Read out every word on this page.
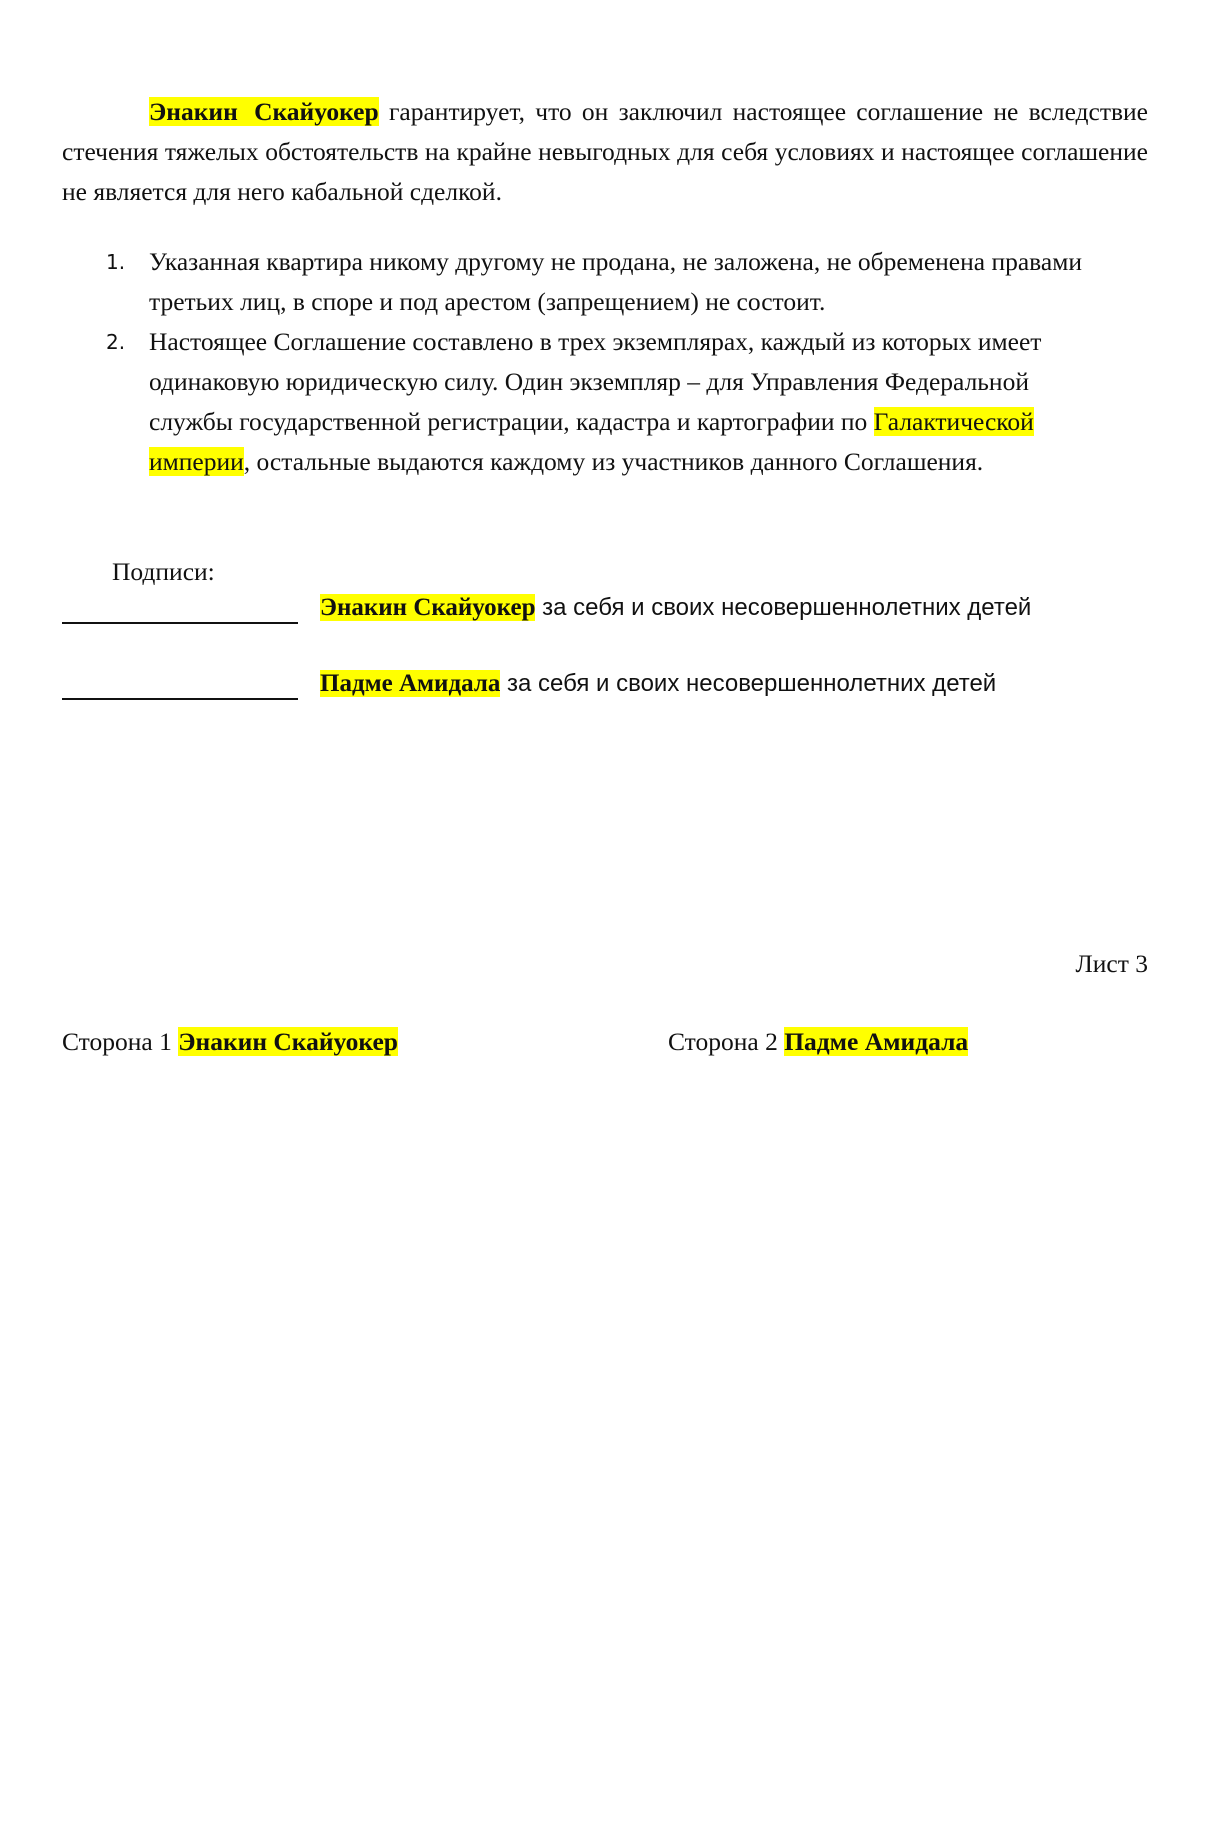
Энакин Скайуокер гарантирует, что он заключил настоящее соглашение не вследствие стечения тяжелых обстоятельств на крайне невыгодных для себя условиях и настоящее соглашение не является для него кабальной сделкой.

1. Указанная квартира никому другому не продана, не заложена, не обременена правами третьих лиц, в споре и под арестом (запрещением) не состоит.
2. Настоящее Соглашение составлено в трех экземплярах, каждый из которых имеет одинаковую юридическую силу. Один экземпляр – для Управления Федеральной службы государственной регистрации, кадастра и картографии по Галактической империи, остальные выдаются каждому из участников данного Соглашения.
Подписи:
Энакин Скайуокер за себя и своих несовершеннолетних детей
Падме Амидала за себя и своих несовершеннолетних детей
Лист 3
Сторона 1 Энакин Скайуокер	Сторона 2 Падме Амидала
